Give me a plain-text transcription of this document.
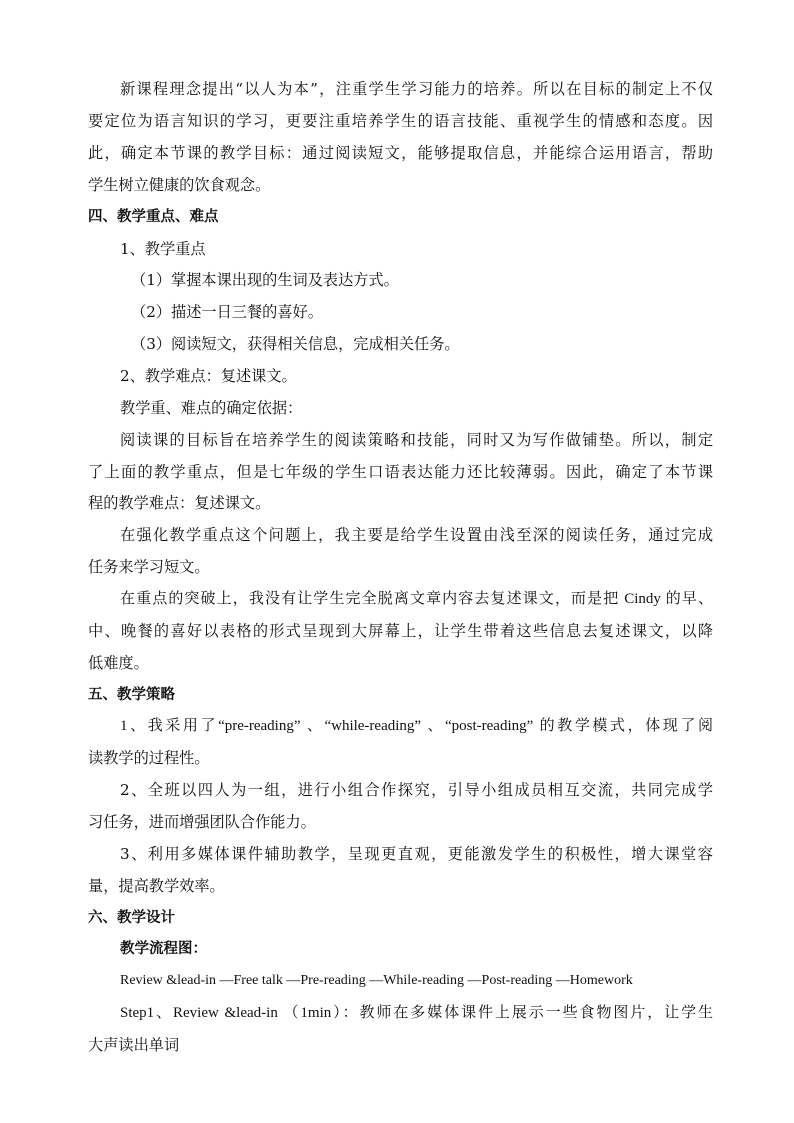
新课程理念提出“以人为本”，注重学生学习能力的培养。所以在目标的制定上不仅
要定位为语言知识的学习，更要注重培养学生的语言技能、重视学生的情感和态度。因
此，确定本节课的教学目标：通过阅读短文，能够提取信息，并能综合运用语言，帮助
学生树立健康的饮食观念。
四、教学重点、难点
1、教学重点
（1）掌握本课出现的生词及表达方式。
（2）描述一日三餐的喜好。
（3）阅读短文，获得相关信息，完成相关任务。
2、教学难点：复述课文。
教学重、难点的确定依据：
阅读课的目标旨在培养学生的阅读策略和技能，同时又为写作做铺垫。所以，制定
了上面的教学重点，但是七年级的学生口语表达能力还比较薄弱。因此，确定了本节课
程的教学难点：复述课文。
在强化教学重点这个问题上，我主要是给学生设置由浅至深的阅读任务，通过完成
任务来学习短文。
在重点的突破上，我没有让学生完全脱离文章内容去复述课文，而是把 Cindy 的早、
中、晚餐的喜好以表格的形式呈现到大屏幕上，让学生带着这些信息去复述课文，以降
低难度。
五、教学策略
1、我采用了“pre-reading” 、“while-reading” 、“post-reading” 的教学模式，体现了阅
读教学的过程性。
2、全班以四人为一组，进行小组合作探究，引导小组成员相互交流，共同完成学
习任务，进而增强团队合作能力。
3、利用多媒体课件辅助教学，呈现更直观，更能激发学生的积极性，增大课堂容
量，提高教学效率。
六、教学设计
教学流程图：
Review &lead-in —Free talk —Pre-reading —While-reading —Post-reading —Homework
Step1、Review &lead-in （1min）：教师在多媒体课件上展示一些食物图片，让学生
大声读出单词
